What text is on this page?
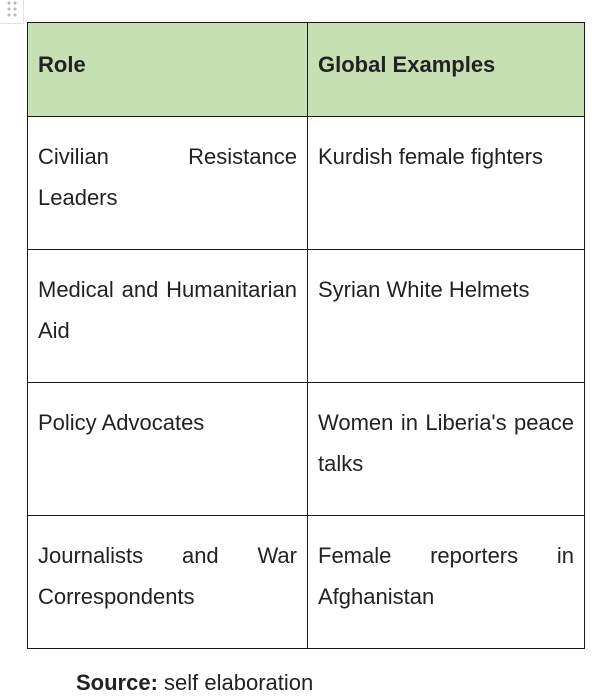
Role	Global Examples
Civilian Resistance Leaders	Kurdish female fighters
Medical and Humanitarian Aid	Syrian White Helmets
Policy Advocates	Women in Liberia's peace talks
Journalists and War Correspondents	Female reporters in Afghanistan
Source: self elaboration
